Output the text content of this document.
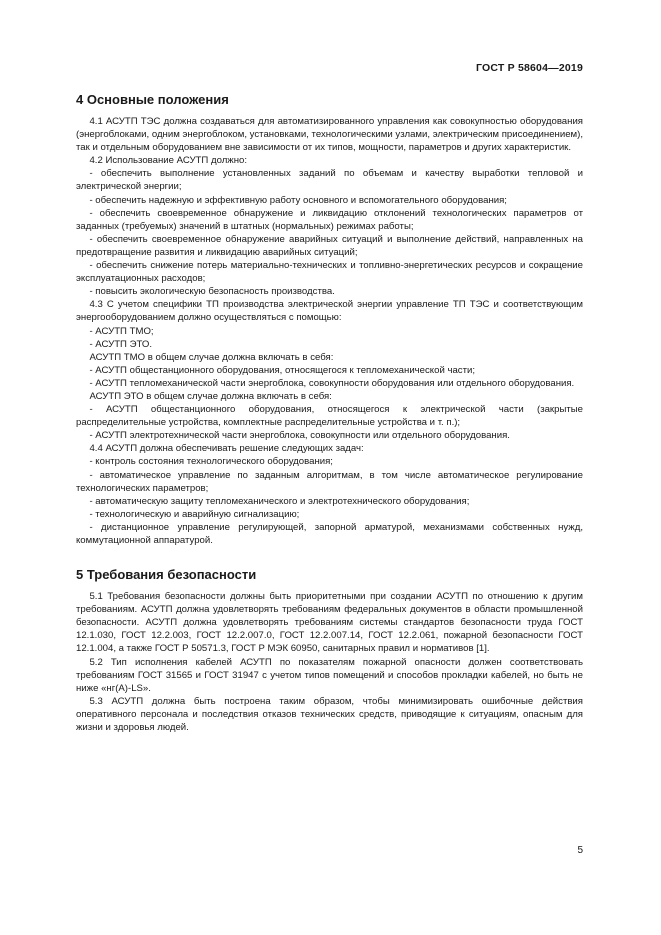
ГОСТ Р 58604—2019
4 Основные положения

4.1 АСУТП ТЭС должна создаваться для автоматизированного управления как совокупностью оборудования (энергоблоками, одним энергоблоком, установками, технологическими узлами, электрическим присоединением), так и отдельным оборудованием вне зависимости от их типов, мощности, параметров и других характеристик.

4.2 Использование АСУТП должно:

- обеспечить выполнение установленных заданий по объемам и качеству выработки тепловой и электрической энергии;

- обеспечить надежную и эффективную работу основного и вспомогательного оборудования;

- обеспечить своевременное обнаружение и ликвидацию отклонений технологических параметров от заданных (требуемых) значений в штатных (нормальных) режимах работы;

- обеспечить своевременное обнаружение аварийных ситуаций и выполнение действий, направленных на предотвращение развития и ликвидацию аварийных ситуаций;

- обеспечить снижение потерь материально-технических и топливно-энергетических ресурсов и сокращение эксплуатационных расходов;

- повысить экологическую безопасность производства.

4.3 С учетом специфики ТП производства электрической энергии управление ТП ТЭС и соответствующим энергооборудованием должно осуществляться с помощью:

- АСУТП ТМО;

- АСУТП ЭТО.

АСУТП ТМО в общем случае должна включать в себя:

- АСУТП общестанционного оборудования, относящегося к тепломеханической части;

- АСУТП тепломеханической части энергоблока, совокупности оборудования или отдельного оборудования.

АСУТП ЭТО в общем случае должна включать в себя:

- АСУТП общестанционного оборудования, относящегося к электрической части (закрытые распределительные устройства, комплектные распределительные устройства и т. п.);

- АСУТП электротехнической части энергоблока, совокупности или отдельного оборудования.

4.4 АСУТП должна обеспечивать решение следующих задач:

- контроль состояния технологического оборудования;

- автоматическое управление по заданным алгоритмам, в том числе автоматическое регулирование технологических параметров;

- автоматическую защиту тепломеханического и электротехнического оборудования;

- технологическую и аварийную сигнализацию;

- дистанционное управление регулирующей, запорной арматурой, механизмами собственных нужд, коммутационной аппаратурой.

5 Требования безопасности

5.1 Требования безопасности должны быть приоритетными при создании АСУТП по отношению к другим требованиям. АСУТП должна удовлетворять требованиям федеральных документов в области промышленной безопасности. АСУТП должна удовлетворять требованиям системы стандартов безопасности труда ГОСТ 12.1.030, ГОСТ 12.2.003, ГОСТ 12.2.007.0, ГОСТ 12.2.007.14, ГОСТ 12.2.061, пожарной безопасности ГОСТ 12.1.004, а также ГОСТ Р 50571.3, ГОСТ Р МЭК 60950, санитарных правил и нормативов [1].

5.2 Тип исполнения кабелей АСУТП по показателям пожарной опасности должен соответствовать требованиям ГОСТ 31565 и ГОСТ 31947 с учетом типов помещений и способов прокладки кабелей, но быть не ниже «нг(А)-LS».

5.3 АСУТП должна быть построена таким образом, чтобы минимизировать ошибочные действия оперативного персонала и последствия отказов технических средств, приводящие к ситуациям, опасным для жизни и здоровья людей.

5
